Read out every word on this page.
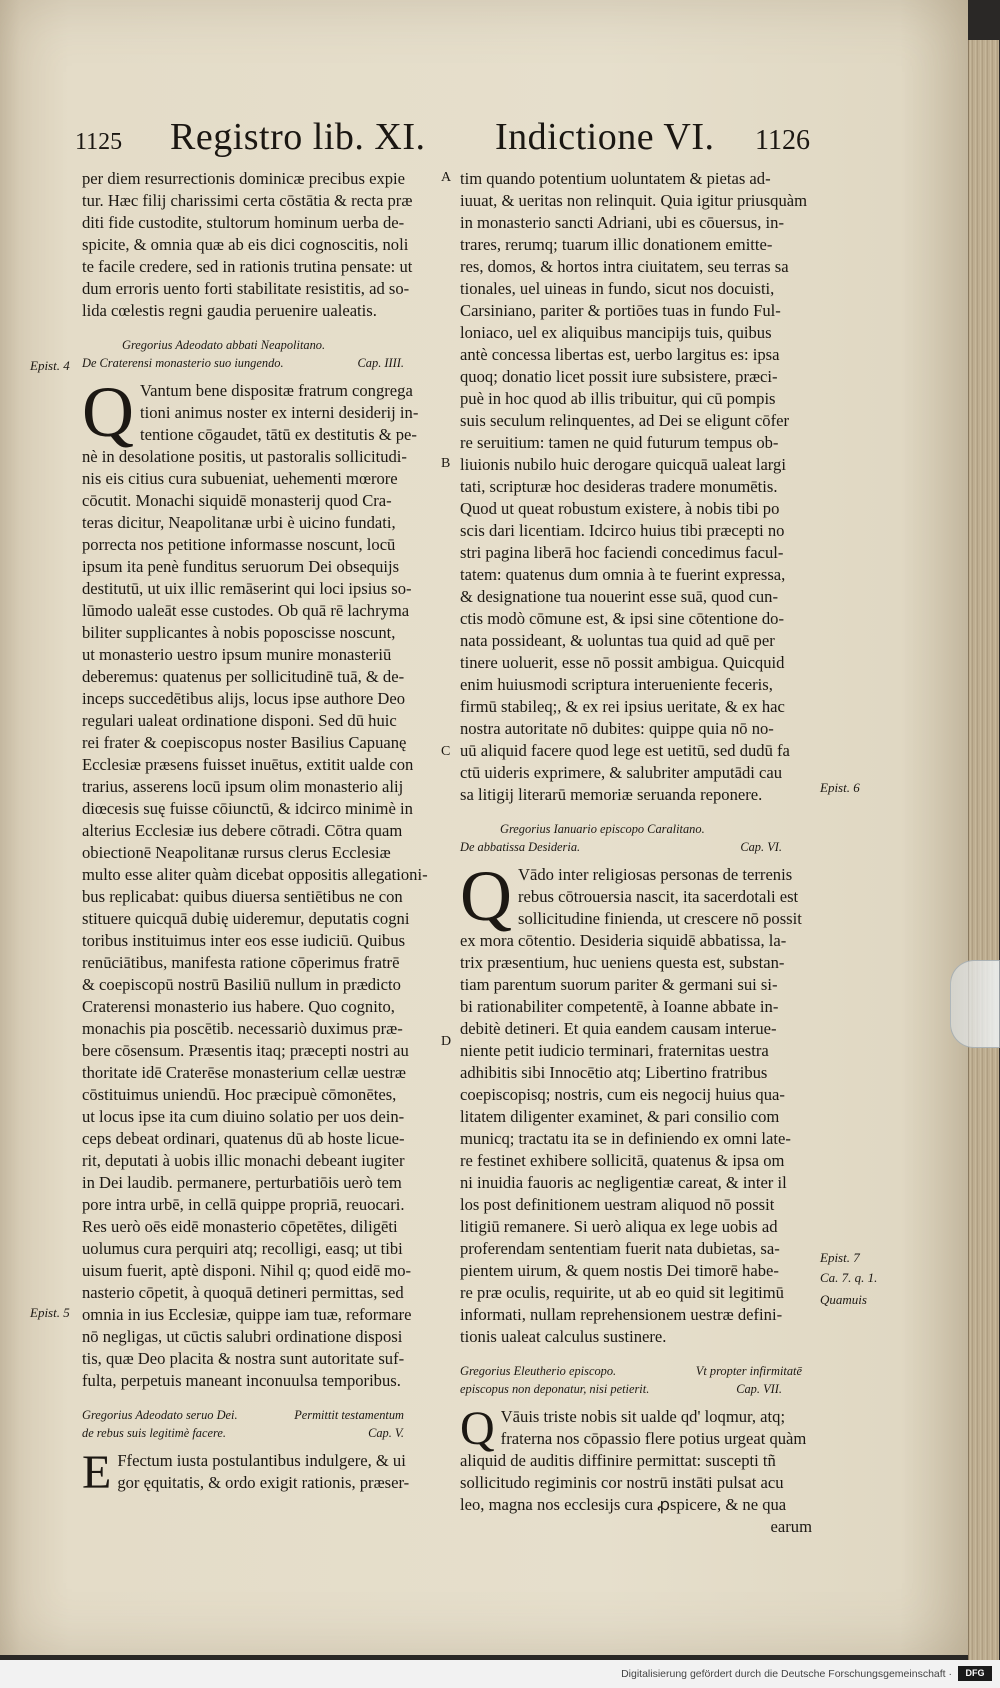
1125 Registro lib. XI. Indictione VI. 1126
A
B
C
D
Epist. 4
Epist. 5
Epist. 6
Epist. 7
Ca. 7. q. 1.
Quamuis
per diem resurrectionis dominicæ precibus expie
tur. Hæc filij charissimi certa cōstātia & recta præ
diti fide custodite, stultorum hominum uerba de-
spicite, & omnia quæ ab eis dici cognoscitis, noli
te facile credere, sed in rationis trutina pensate: ut
dum erroris uento forti stabilitate resistitis, ad so-
lida cœlestis regni gaudia peruenire ualeatis.
Gregorius Adeodato abbati Neapolitano.
De Craterensi monasterio suo iungendo.	Cap. IIII.
Q Vantum bene dispositæ fratrum congrega
tioni animus noster ex interni desiderij in-
tentione cōgaudet, tātū ex destitutis & pe-
nè in desolatione positis, ut pastoralis sollicitudi-
nis eis citius cura subueniat, uehementi mœrore
cōcutit. Monachi siquidē monasterij quod Cra-
teras dicitur, Neapolitanæ urbi è uicino fundati,
porrecta nos petitione informasse noscunt, locū
ipsum ita penè funditus seruorum Dei obsequijs
destitutū, ut uix illic remāserint qui loci ipsius so-
lūmodo ualeāt esse custodes. Ob quā rē lachryma
biliter supplicantes à nobis poposcisse noscunt,
ut monasterio uestro ipsum munire monasteriū
deberemus: quatenus per sollicitudinē tuā, & de-
inceps succedētibus alijs, locus ipse authore Deo
regulari ualeat ordinatione disponi. Sed dū huic
rei frater & coepiscopus noster Basilius Capuanę
Ecclesiæ præsens fuisset inuētus, extitit ualde con
trarius, asserens locū ipsum olim monasterio alij
diœcesis suę fuisse cōiunctū, & idcirco minimè in
alterius Ecclesiæ ius debere cōtradi. Cōtra quam
obiectionē Neapolitanæ rursus clerus Ecclesiæ
multo esse aliter quàm dicebat oppositis allegationi-
bus replicabat: quibus diuersa sentiētibus ne con
stituere quicquā dubię uideremur, deputatis cogni
toribus instituimus inter eos esse iudiciū. Quibus
renūciātibus, manifesta ratione cōperimus fratrē
& coepiscopū nostrū Basiliū nullum in prædicto
Craterensi monasterio ius habere. Quo cognito,
monachis pia poscētib. necessariò duximus præ-
bere cōsensum. Præsentis itaq; præcepti nostri au
thoritate idē Craterēse monasterium cellæ uestræ
cōstituimus uniendū. Hoc præcipuè cōmonētes,
ut locus ipse ita cum diuino solatio per uos dein-
ceps debeat ordinari, quatenus dū ab hoste licue-
rit, deputati à uobis illic monachi debeant iugiter
in Dei laudib. permanere, perturbatiōis uerò tem
pore intra urbē, in cellā quippe propriā, reuocari.
Res uerò oēs eidē monasterio cōpetētes, diligēti
uolumus cura perquiri atq; recolligi, easq; ut tibi
uisum fuerit, aptè disponi. Nihil q; quod eidē mo-
nasterio cōpetit, à quoquā detineri permittas, sed
omnia in ius Ecclesiæ, quippe iam tuæ, reformare
nō negligas, ut cūctis salubri ordinatione disposi
tis, quæ Deo placita & nostra sunt autoritate suf-
fulta, perpetuis maneant inconuulsa temporibus.
Gregorius Adeodato seruo Dei.	Permittit testamentum
de rebus suis legitimè facere.	Cap. V.
E Ffectum iusta postulantibus indulgere, & ui
gor ęquitatis, & ordo exigit rationis, præser-
tim quando potentium uoluntatem & pietas ad-
iuuat, & ueritas non relinquit. Quia igitur priusquàm
in monasterio sancti Adriani, ubi es cōuersus, in-
trares, rerumq; tuarum illic donationem emitte-
res, domos, & hortos intra ciuitatem, seu terras sa
tionales, uel uineas in fundo, sicut nos docuisti,
Carsiniano, pariter & portiōes tuas in fundo Ful-
loniaco, uel ex aliquibus mancipijs tuis, quibus
antè concessa libertas est, uerbo largitus es: ipsa
quoq; donatio licet possit iure subsistere, præci-
puè in hoc quod ab illis tribuitur, qui cū pompis
suis seculum relinquentes, ad Dei se eligunt cōfer
re seruitium: tamen ne quid futurum tempus ob-
liuionis nubilo huic derogare quicquā ualeat largi
tati, scripturæ hoc desideras tradere monumētis.
Quod ut queat robustum existere, à nobis tibi po
scis dari licentiam. Idcirco huius tibi præcepti no
stri pagina liberā hoc faciendi concedimus facul-
tatem: quatenus dum omnia à te fuerint expressa,
& designatione tua nouerint esse suā, quod cun-
ctis modò cōmune est, & ipsi sine cōtentione do-
nata possideant, & uoluntas tua quid ad quē per
tinere uoluerit, esse nō possit ambigua. Quicquid
enim huiusmodi scriptura interueniente feceris,
firmū stabileq;, & ex rei ipsius ueritate, & ex hac
nostra autoritate nō dubites: quippe quia nō no-
uū aliquid facere quod lege est uetitū, sed dudū fa
ctū uideris exprimere, & salubriter amputādi cau
sa litigij literarū memoriæ seruanda reponere.
Gregorius Ianuario episcopo Caralitano.
De abbatissa Desideria.	Cap. VI.
Q Vādo inter religiosas personas de terrenis
rebus cōtrouersia nascit, ita sacerdotali est
sollicitudine finienda, ut crescere nō possit
ex mora cōtentio. Desideria siquidē abbatissa, la-
trix præsentium, huc ueniens questa est, substan-
tiam parentum suorum pariter & germani sui si-
bi rationabiliter competentē, à Ioanne abbate in-
debitè detineri. Et quia eandem causam interue-
niente petit iudicio terminari, fraternitas uestra
adhibitis sibi Innocētio atq; Libertino fratribus
coepiscopisq; nostris, cum eis negocij huius qua-
litatem diligenter examinet, & pari consilio com
municq; tractatu ita se in definiendo ex omni late-
re festinet exhibere sollicitā, quatenus & ipsa om
ni inuidia fauoris ac negligentiæ careat, & inter il
los post definitionem uestram aliquod nō possit
litigiū remanere. Si uerò aliqua ex lege uobis ad
proferendam sententiam fuerit nata dubietas, sa-
pientem uirum, & quem nostis Dei timorē habe-
re præ oculis, requirite, ut ab eo quid sit legitimū
informati, nullam reprehensionem uestræ defini-
tionis ualeat calculus sustinere.
Gregorius Eleutherio episcopo.	Vt propter infirmitatē
episcopus non deponatur, nisi petierit.	Cap. VII.
Q Vāuis triste nobis sit ualde qd' loqmur, atq;
fraterna nos cōpassio flere potius urgeat quàm
aliquid de auditis diffinire permittat: suscepti tñ
sollicitudo regiminis cor nostrū instāti pulsat acu
leo, magna nos ecclesijs cura ꝓspicere, & ne qua
earum
Digitalisierung gefördert durch die Deutsche Forschungsgemeinschaft ·	DFG
